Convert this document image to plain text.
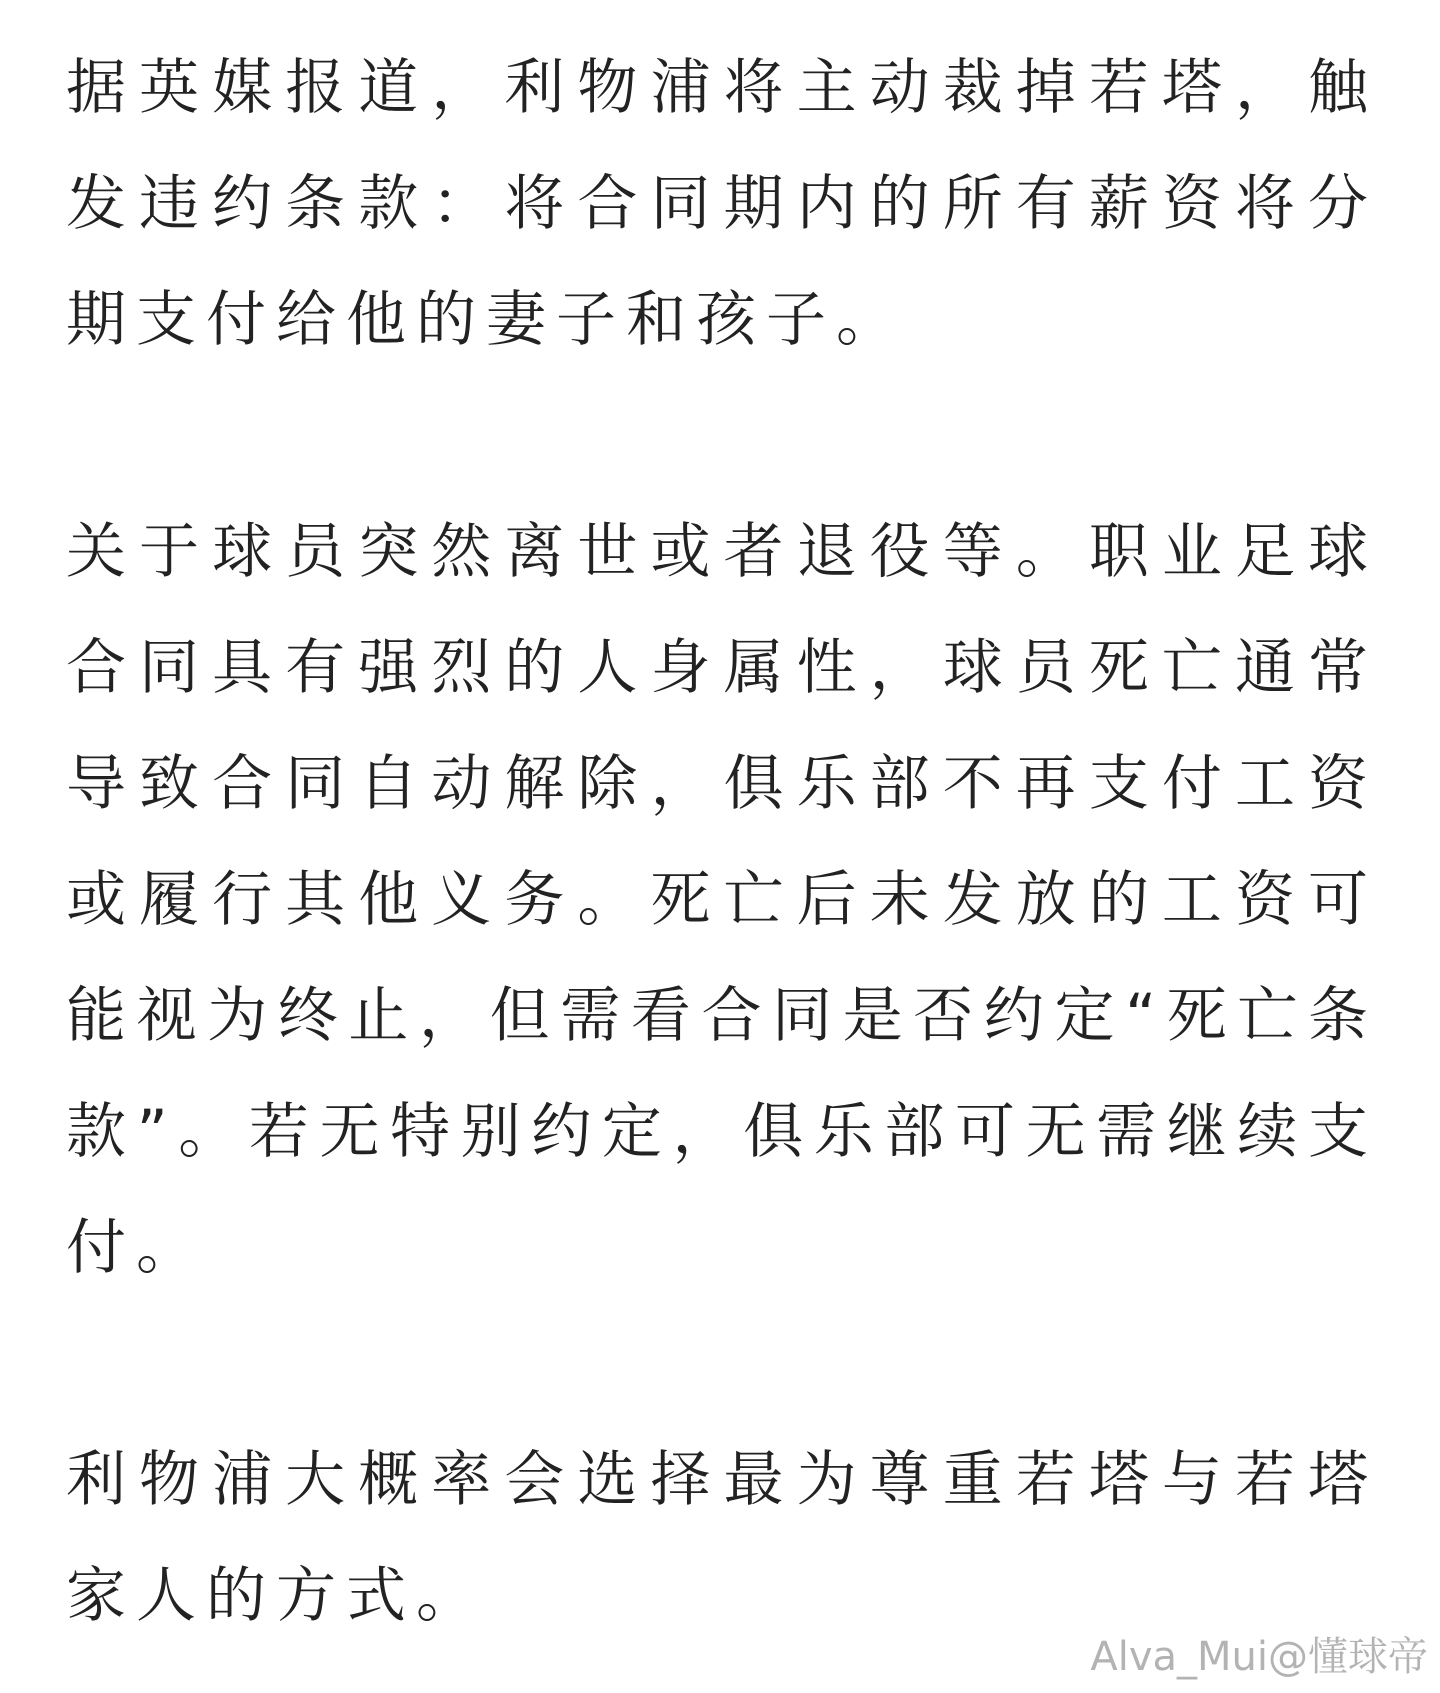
据英媒报道，利物浦将主动裁掉若塔，触发违约条款：将合同期内的所有薪资将分期支付给他的妻子和孩子。

关于球员突然离世或者退役等。职业足球合同具有强烈的人身属性，球员死亡通常导致合同自动解除，俱乐部不再支付工资或履行其他义务。死亡后未发放的工资可能视为终止，但需看合同是否约定“死亡条款”。若无特别约定，俱乐部可无需继续支付。

利物浦大概率会选择最为尊重若塔与若塔家人的方式。

Alva_Mui@懂球帝
